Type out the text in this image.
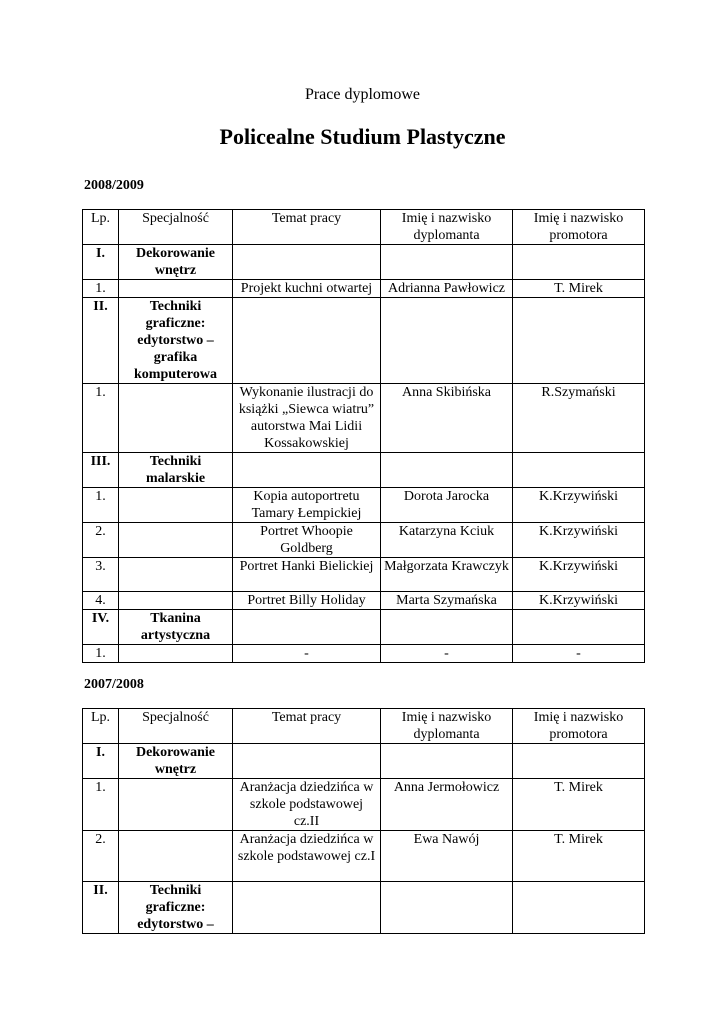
Prace dyplomowe
Policealne Studium Plastyczne
2008/2009
Lp.	Specjalność	Temat pracy	Imię i nazwisko dyplomanta	Imię i nazwisko promotora
I.	Dekorowanie wnętrz			
1.		Projekt kuchni otwartej	Adrianna Pawłowicz	T. Mirek
II.	Techniki graficzne: edytorstwo – grafika komputerowa			
1.		Wykonanie ilustracji do książki „Siewca wiatru” autorstwa Mai Lidii Kossakowskiej	Anna Skibińska	R.Szymański
III.	Techniki malarskie			
1.		Kopia autoportretu Tamary Łempickiej	Dorota Jarocka	K.Krzywiński
2.		Portret Whoopie Goldberg	Katarzyna Kciuk	K.Krzywiński
3.		Portret Hanki Bielickiej	Małgorzata Krawczyk	K.Krzywiński
4.		Portret Billy Holiday	Marta Szymańska	K.Krzywiński
IV.	Tkanina artystyczna			
1.		-	-	-
2007/2008
Lp.	Specjalność	Temat pracy	Imię i nazwisko dyplomanta	Imię i nazwisko promotora
I.	Dekorowanie wnętrz			
1.		Aranżacja dziedzińca w szkole podstawowej cz.II	Anna Jermołowicz	T. Mirek
2.		Aranżacja dziedzińca w szkole podstawowej cz.I	Ewa Nawój	T. Mirek
II.	Techniki graficzne: edytorstwo –			
